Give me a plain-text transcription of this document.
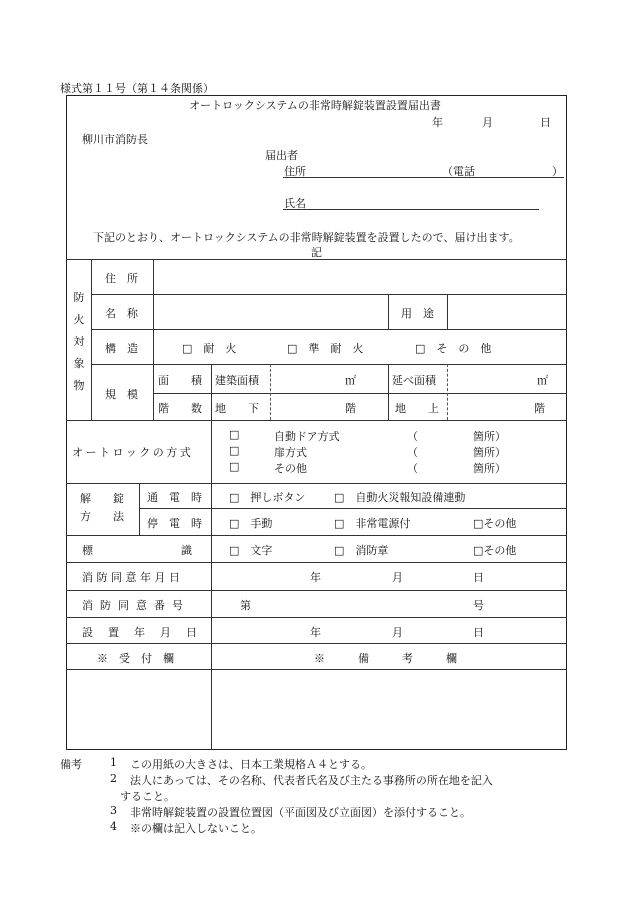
様式第１１号（第１４条関係）
オートロックシステムの非常時解錠装置設置届出書
年	月	日
柳川市消防長
届出者
住所	（電話	）
氏名
下記のとおり、オートロックシステムの非常時解錠装置を設置したので、届け出ます。
記
防
火
対
象
物
住　所
名　称	用　途
構　造	□　耐　火	□　準　耐　火	□　そ　の　他
規　模
面　　積 建築面積	㎡	延べ面積	㎡
階　　数 地　　下	階	地　　上	階
オートロックの方式
□	自動ドア方式	（	箇所）
□	扉方式	（	箇所）
□	その他	（	箇所）
解　　錠
方　　法
通　電　時 □　押しボタン	□　自動火災報知設備連動
停　電　時 □　手動	□　非常電源付	□その他
標　　　　　　　　識	□　文字	□　消防章	□その他
消防同意年月日	年	月	日
消防同意番号	第	号
設置年月日	年	月	日
※　受　付　欄	※　　　備　　　考　　　欄
備考	1 この用紙の大きさは、日本工業規格Ａ４とする。
2 法人にあっては、その名称、代表者氏名及び主たる事務所の所在地を記入
すること。
3 非常時解錠装置の設置位置図（平面図及び立面図）を添付すること。
4 ※の欄は記入しないこと。
